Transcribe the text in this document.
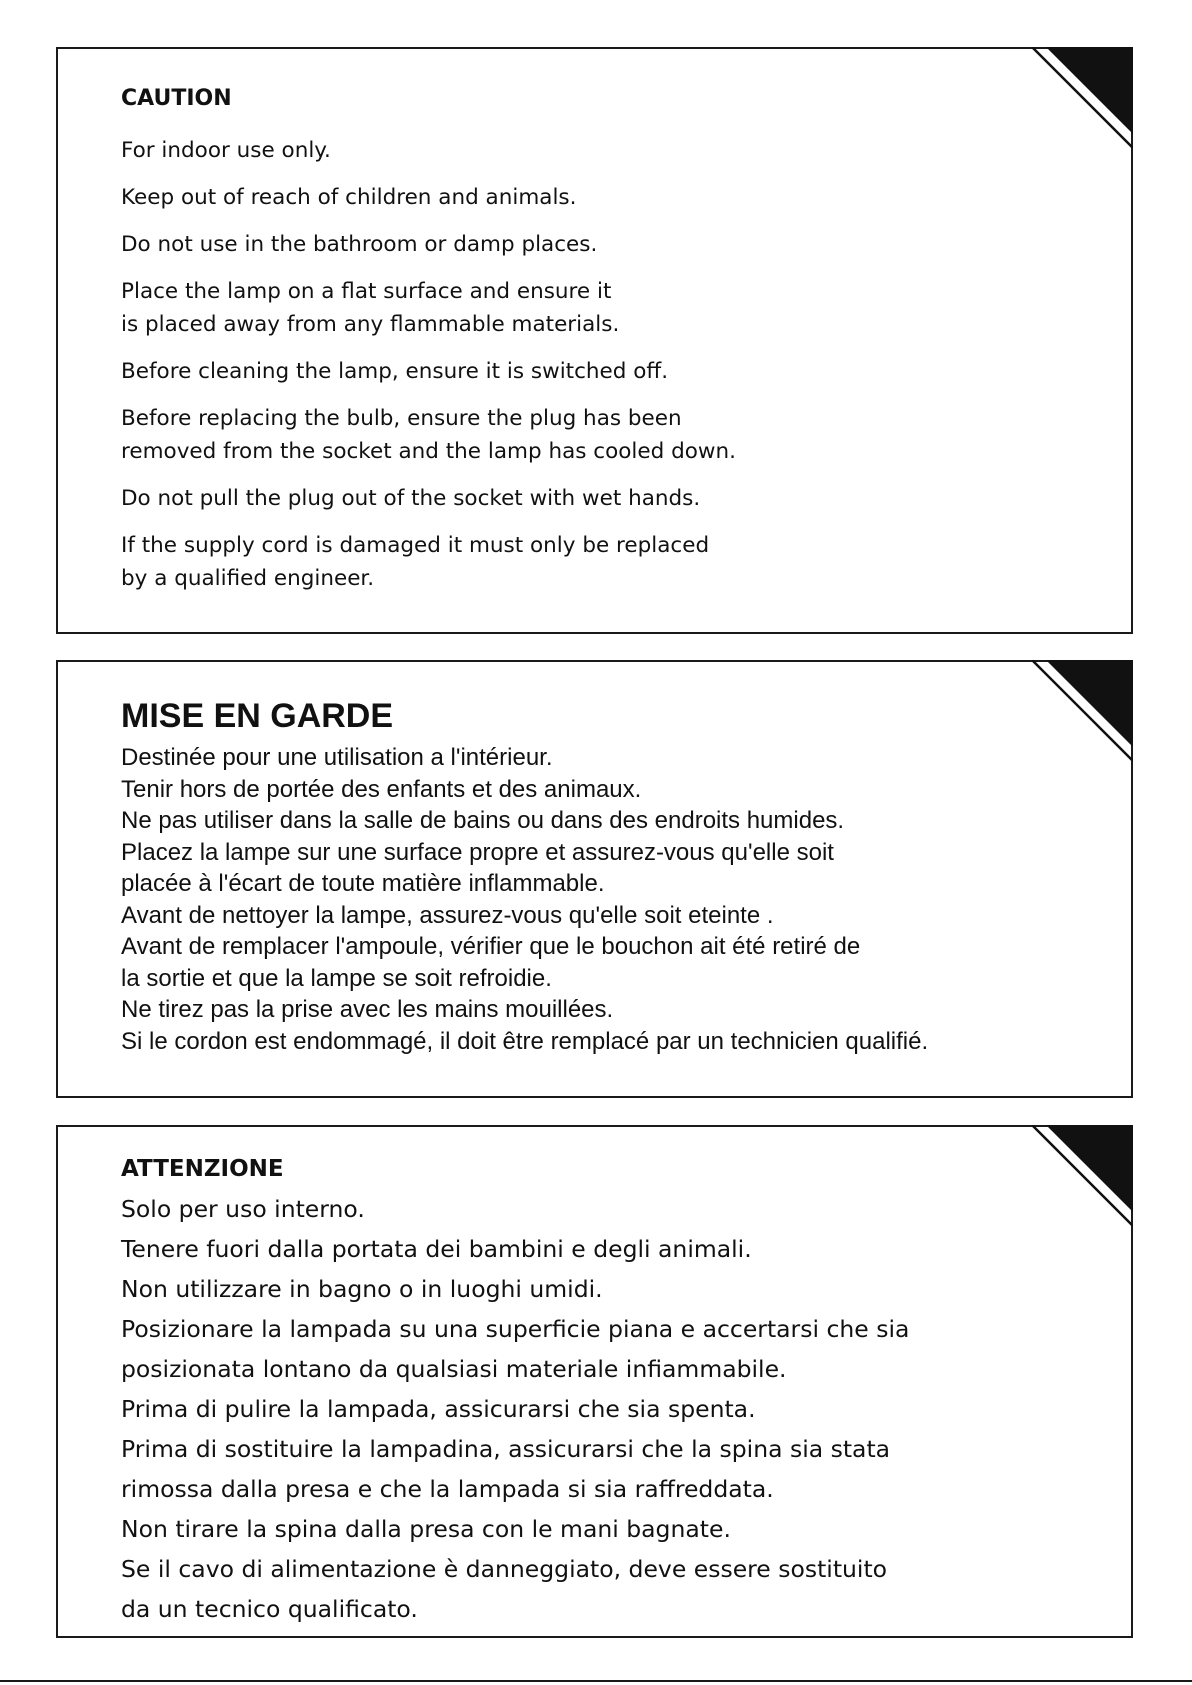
CAUTION
For indoor use only.
Keep out of reach of children and animals.
Do not use in the bathroom or damp places.
Place the lamp on a flat surface and ensure it
is placed away from any flammable materials.
Before cleaning the lamp, ensure it is switched off.
Before replacing the bulb, ensure the plug has been
removed from the socket and the lamp has cooled down.
Do not pull the plug out of the socket with wet hands.
If the supply cord is damaged it must only be replaced
by a qualified engineer.
MISE EN GARDE
Destinée pour une utilisation a l'intérieur.
Tenir hors de portée des enfants et des animaux.
Ne pas utiliser dans la salle de bains ou dans des endroits humides.
Placez la lampe sur une surface propre et assurez-vous qu'elle soit
placée à l'écart de toute matière inflammable.
Avant de nettoyer la lampe, assurez-vous qu'elle soit eteinte .
Avant de remplacer l'ampoule, vérifier que le bouchon ait été retiré de
la sortie et que la lampe se soit refroidie.
Ne tirez pas la prise avec les mains mouillées.
Si le cordon est endommagé, il doit être remplacé par un technicien qualifié.
ATTENZIONE
Solo per uso interno.
Tenere fuori dalla portata dei bambini e degli animali.
Non utilizzare in bagno o in luoghi umidi.
Posizionare la lampada su una superficie piana e accertarsi che sia
posizionata lontano da qualsiasi materiale infiammabile.
Prima di pulire la lampada, assicurarsi che sia spenta.
Prima di sostituire la lampadina, assicurarsi che la spina sia stata
rimossa dalla presa e che la lampada si sia raffreddata.
Non tirare la spina dalla presa con le mani bagnate.
Se il cavo di alimentazione è danneggiato, deve essere sostituito
da un tecnico qualificato.
